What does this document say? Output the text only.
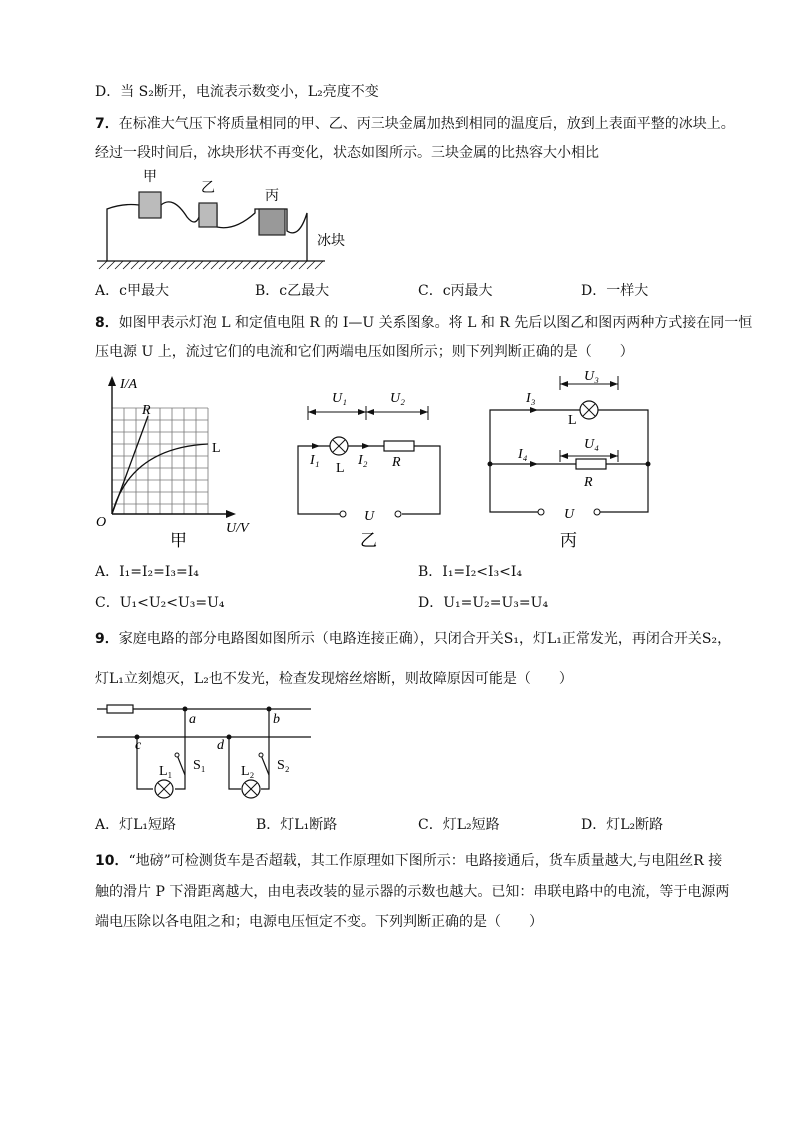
D．当 S₂断开，电流表示数变小，L₂亮度不变
7．在标准大气压下将质量相同的甲、乙、丙三块金属加热到相同的温度后，放到上表面平整的冰块上。
经过一段时间后，冰块形状不再变化，状态如图所示。三块金属的比热容大小相比
甲
乙
丙
冰块
A．c甲最大	B．c乙最大	C．c丙最大	D．一样大
8．如图甲表示灯泡 L 和定值电阻 R 的 I—U 关系图象。将 L 和 R 先后以图乙和图丙两种方式接在同一恒
压电源 U 上，流过它们的电流和它们两端电压如图所示；则下列判断正确的是（　　）
I/A
R
L
O	U/V
甲
U₁	U₂
I₁
L
I₂ R
U
乙
U₃
U₄
I₃
L
I₄
R
U
丙
A．I₁=I₂=I₃=I₄	B．I₁=I₂<I₃<I₄
C．U₁<U₂<U₃=U₄	D．U₁=U₂=U₃=U₄
9．家庭电路的部分电路图如图所示（电路连接正确），只闭合开关S₁，灯L₁正常发光，再闭合开关S₂，
灯L₁立刻熄灭，L₂也不发光，检查发现熔丝熔断，则故障原因可能是（　　）
a	b
c	d
L₁ S₁	L₂ S₂
A．灯L₁短路	B．灯L₁断路	C．灯L₂短路	D．灯L₂断路
10．“地磅”可检测货车是否超载，其工作原理如下图所示：电路接通后，货车质量越大,与电阻丝R 接
触的滑片 P 下滑距离越大，由电表改装的显示器的示数也越大。已知：串联电路中的电流，等于电源两
端电压除以各电阻之和；电源电压恒定不变。下列判断正确的是（　　）
